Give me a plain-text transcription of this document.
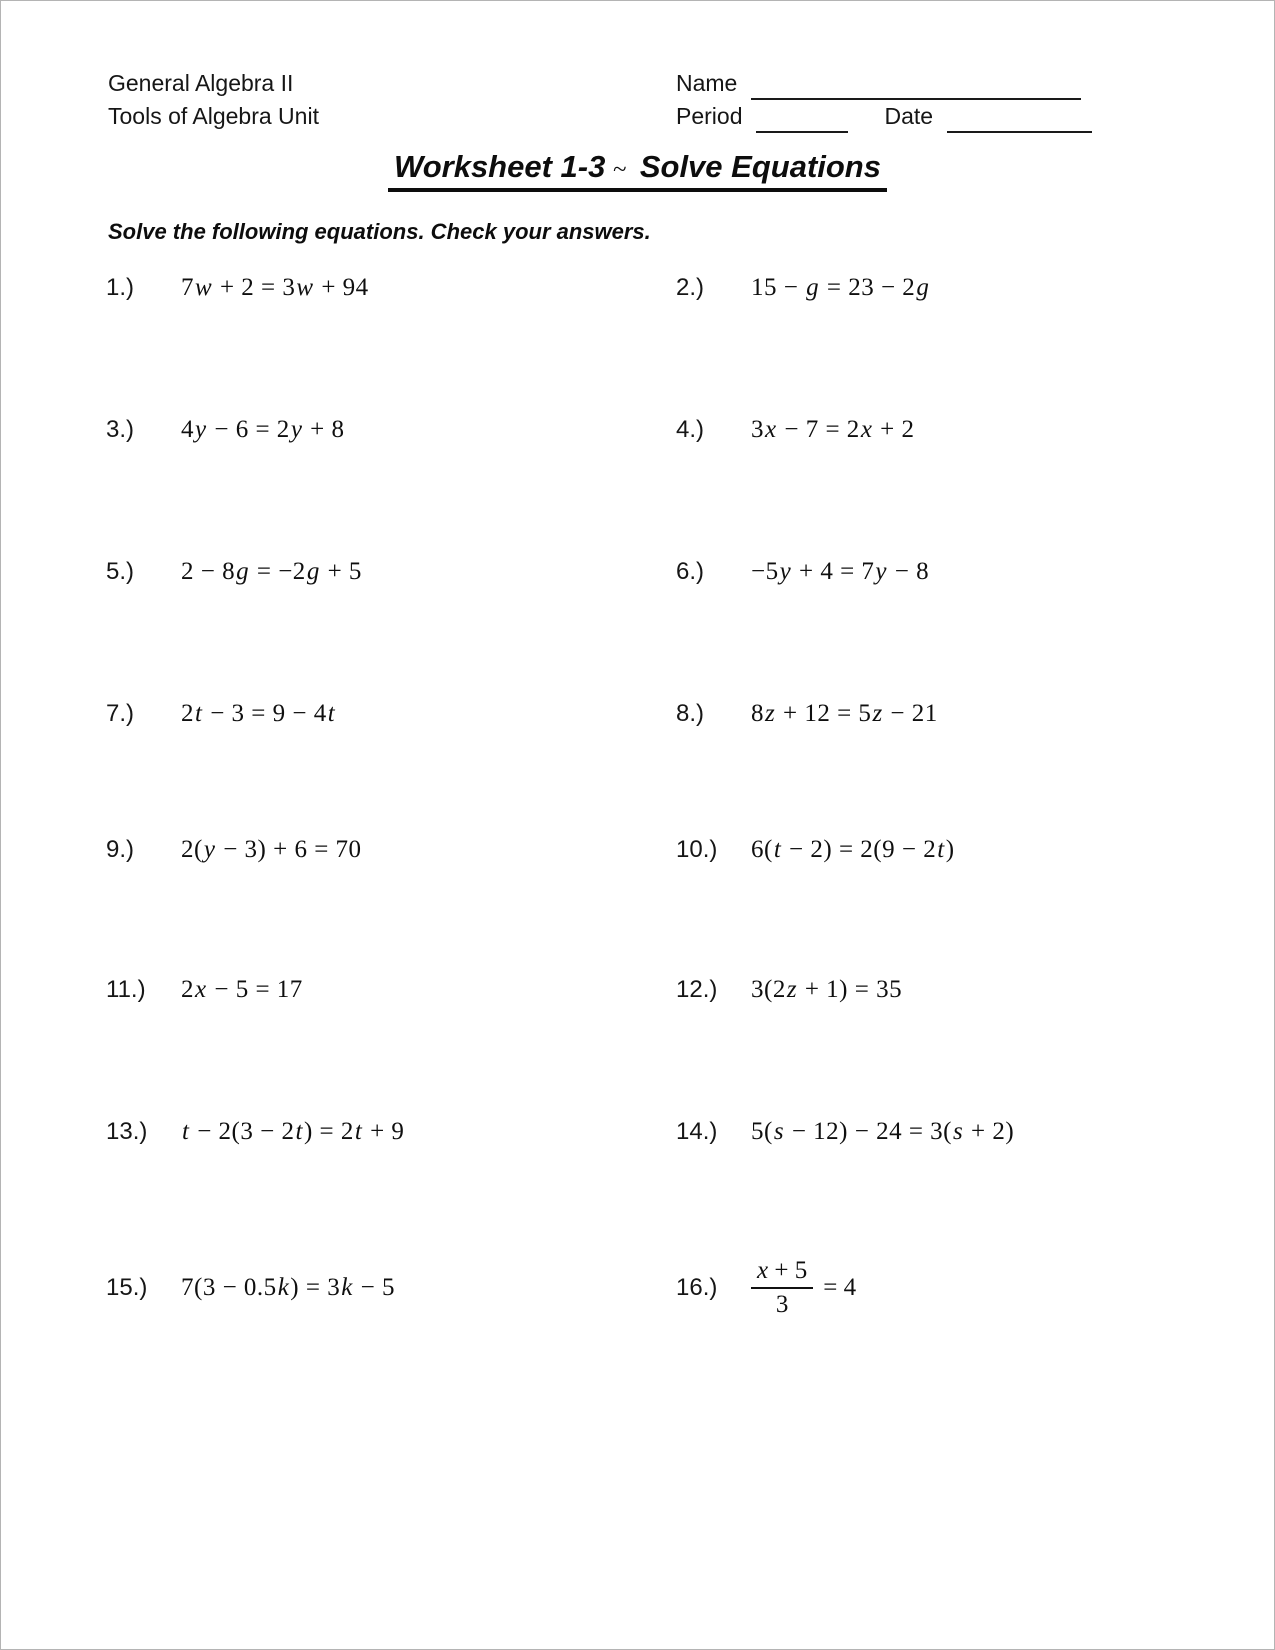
General Algebra II
Tools of Algebra Unit
Name
Period	Date
Worksheet 1-3 ~ Solve Equations
Solve the following equations. Check your answers.
1.)	7w + 2 = 3w + 94	2.)	15 − g = 23 − 2g
3.)	4y − 6 = 2y + 8	4.)	3x − 7 = 2x + 2
5.)	2 − 8g = −2g + 5	6.)	−5y + 4 = 7y − 8
7.)	2t − 3 = 9 − 4t	8.)	8z + 12 = 5z − 21
9.)	2(y − 3) + 6 = 70	10.)	6(t − 2) = 2(9 − 2t)
11.)	2x − 5 = 17	12.)	3(2z + 1) = 35
13.)	t − 2(3 − 2t) = 2t + 9	14.)	5(s − 12) − 24 = 3(s + 2)
15.)	7(3 − 0.5k) = 3k − 5	16.)	$\frac{x + 5}{3} = 4$
